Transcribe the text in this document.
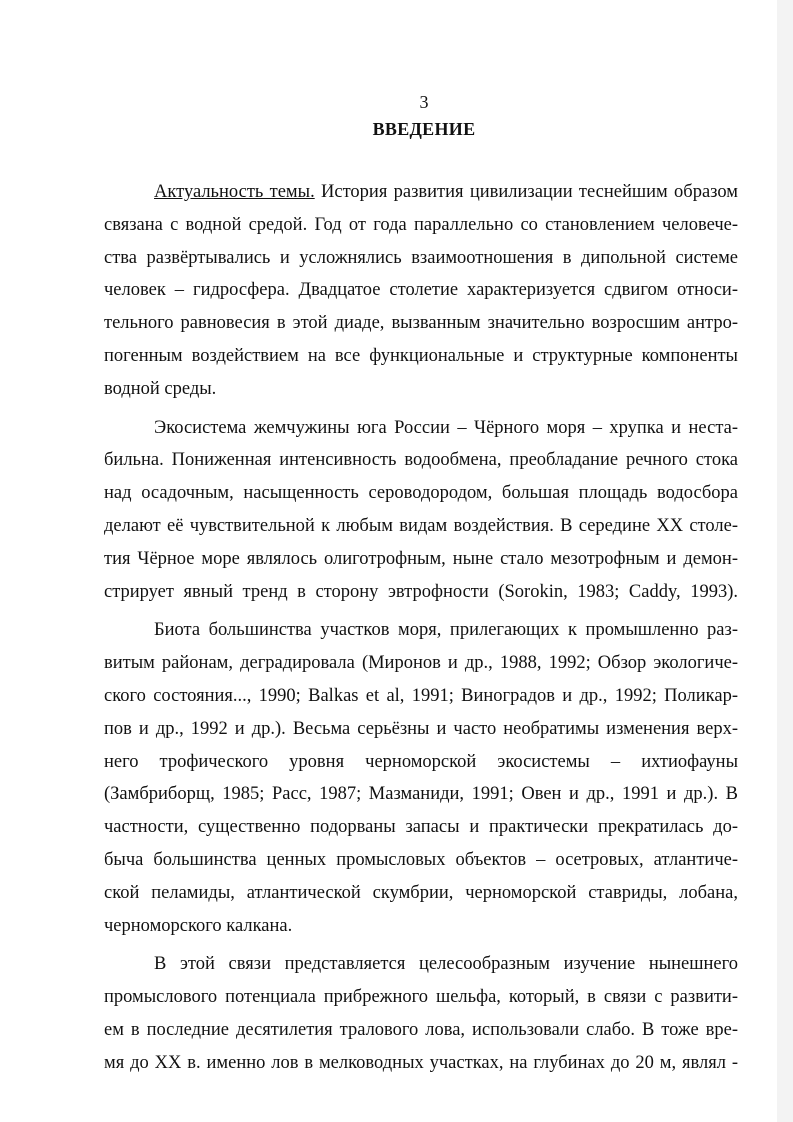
3
ВВЕДЕНИЕ
Актуальность темы. История развития цивилизации теснейшим образом
связана с водной средой. Год от года параллельно со становлением человече-
ства развёртывались и усложнялись взаимоотношения в дипольной системе
человек – гидросфера. Двадцатое столетие характеризуется сдвигом относи-
тельного равновесия в этой диаде, вызванным значительно возросшим антро-
погенным воздействием на все функциональные и структурные компоненты
водной среды.
Экосистема жемчужины юга России – Чёрного моря – хрупка и неста-
бильна. Пониженная интенсивность водообмена, преобладание речного стока
над осадочным, насыщенность сероводородом, большая площадь водосбора
делают её чувствительной к любым видам воздействия. В середине XX столе-
тия Чёрное море являлось олиготрофным, ныне стало мезотрофным и демон-
стрирует явный тренд в сторону эвтрофности (Sorokin, 1983; Caddy, 1993).
Биота большинства участков моря, прилегающих к промышленно раз-
витым районам, деградировала (Миронов и др., 1988, 1992; Обзор экологиче-
ского состояния..., 1990; Balkas et al, 1991; Виноградов и др., 1992; Поликар-
пов и др., 1992 и др.). Весьма серьёзны и часто необратимы изменения верх-
него трофического уровня черноморской экосистемы – ихтиофауны
(Замбриборщ, 1985; Расс, 1987; Мазманиди, 1991; Овен и др., 1991 и др.). В
частности, существенно подорваны запасы и практически прекратилась до-
быча большинства ценных промысловых объектов – осетровых, атлантиче-
ской пеламиды, атлантической скумбрии, черноморской ставриды, лобана,
черноморского калкана.
В этой связи представляется целесообразным изучение нынешнего
промыслового потенциала прибрежного шельфа, который, в связи с развити-
ем в последние десятилетия тралового лова, использовали слабо. В тоже вре-
мя до XX в. именно лов в мелководных участках, на глубинах до 20 м, являл -
